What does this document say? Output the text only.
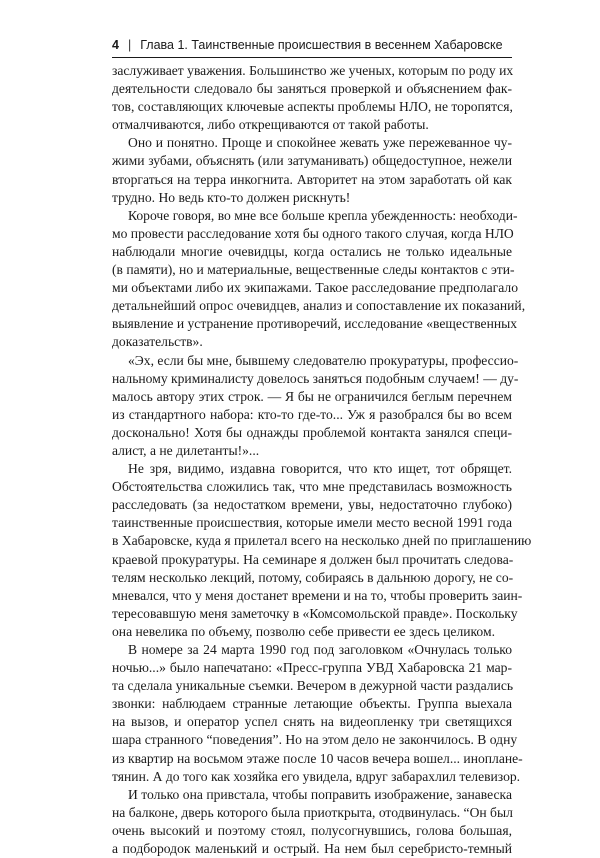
4 | Глава 1. Таинственные происшествия в весеннем Хабаровске
заслуживает уважения. Большинство же ученых, которым по роду их
деятельности следовало бы заняться проверкой и объяснением фак-
тов, составляющих ключевые аспекты проблемы НЛО, не торопятся,
отмалчиваются, либо открещиваются от такой работы.
Оно и понятно. Проще и спокойнее жевать уже пережеванное чу-
жими зубами, объяснять (или затуманивать) общедоступное, нежели
вторгаться на терра инкогнита. Авторитет на этом заработать ой как
трудно. Но ведь кто-то должен рискнуть!
Короче говоря, во мне все больше крепла убежденность: необходи-
мо провести расследование хотя бы одного такого случая, когда НЛО
наблюдали многие очевидцы, когда остались не только идеальные
(в памяти), но и материальные, вещественные следы контактов с эти-
ми объектами либо их экипажами. Такое расследование предполагало
детальнейший опрос очевидцев, анализ и сопоставление их показаний,
выявление и устранение противоречий, исследование «вещественных
доказательств».
«Эх, если бы мне, бывшему следователю прокуратуры, профессио-
нальному криминалисту довелось заняться подобным случаем! — ду-
малось автору этих строк. — Я бы не ограничился беглым перечнем
из стандартного набора: кто-то где-то... Уж я разобрался бы во всем
досконально! Хотя бы однажды проблемой контакта занялся специ-
алист, а не дилетанты!»...
Не зря, видимо, издавна говорится, что кто ищет, тот обрящет.
Обстоятельства сложились так, что мне представилась возможность
расследовать (за недостатком времени, увы, недостаточно глубоко)
таинственные происшествия, которые имели место весной 1991 года
в Хабаровске, куда я прилетал всего на несколько дней по приглашению
краевой прокуратуры. На семинаре я должен был прочитать следова-
телям несколько лекций, потому, собираясь в дальнюю дорогу, не со-
мневался, что у меня достанет времени и на то, чтобы проверить заин-
тересовавшую меня заметочку в «Комсомольской правде». Поскольку
она невелика по объему, позволю себе привести ее здесь целиком.
В номере за 24 марта 1990 год под заголовком «Очнулась только
ночью...» было напечатано: «Пресс-группа УВД Хабаровска 21 мар-
та сделала уникальные съемки. Вечером в дежурной части раздались
звонки: наблюдаем странные летающие объекты. Группа выехала
на вызов, и оператор успел снять на видеопленку три светящихся
шара странного “поведения”. Но на этом дело не закончилось. В одну
из квартир на восьмом этаже после 10 часов вечера вошел... инопланe-
тянин. А до того как хозяйка его увидела, вдруг забарахлил телевизор.
И только она привстала, чтобы поправить изображение, занавеска
на балконе, дверь которого была приоткрыта, отодвинулась. “Он был
очень высокий и поэтому стоял, полусогнувшись, голова большая,
а подбородок маленький и острый. На нем был серебристо-темный
